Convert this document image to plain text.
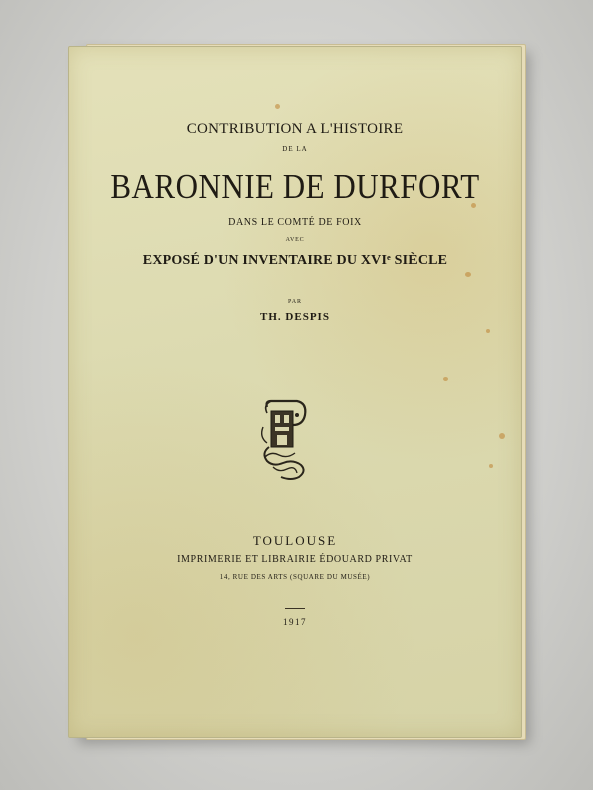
CONTRIBUTION A L'HISTOIRE
DE LA
BARONNIE DE DURFORT
DANS LE COMTÉ DE FOIX
AVEC
EXPOSÉ D'UN INVENTAIRE DU XVIᵉ SIÈCLE
PAR
TH. DESPIS
TOULOUSE
IMPRIMERIE ET LIBRAIRIE ÉDOUARD PRIVAT
14, RUE DES ARTS (SQUARE DU MUSÉE)
1917
